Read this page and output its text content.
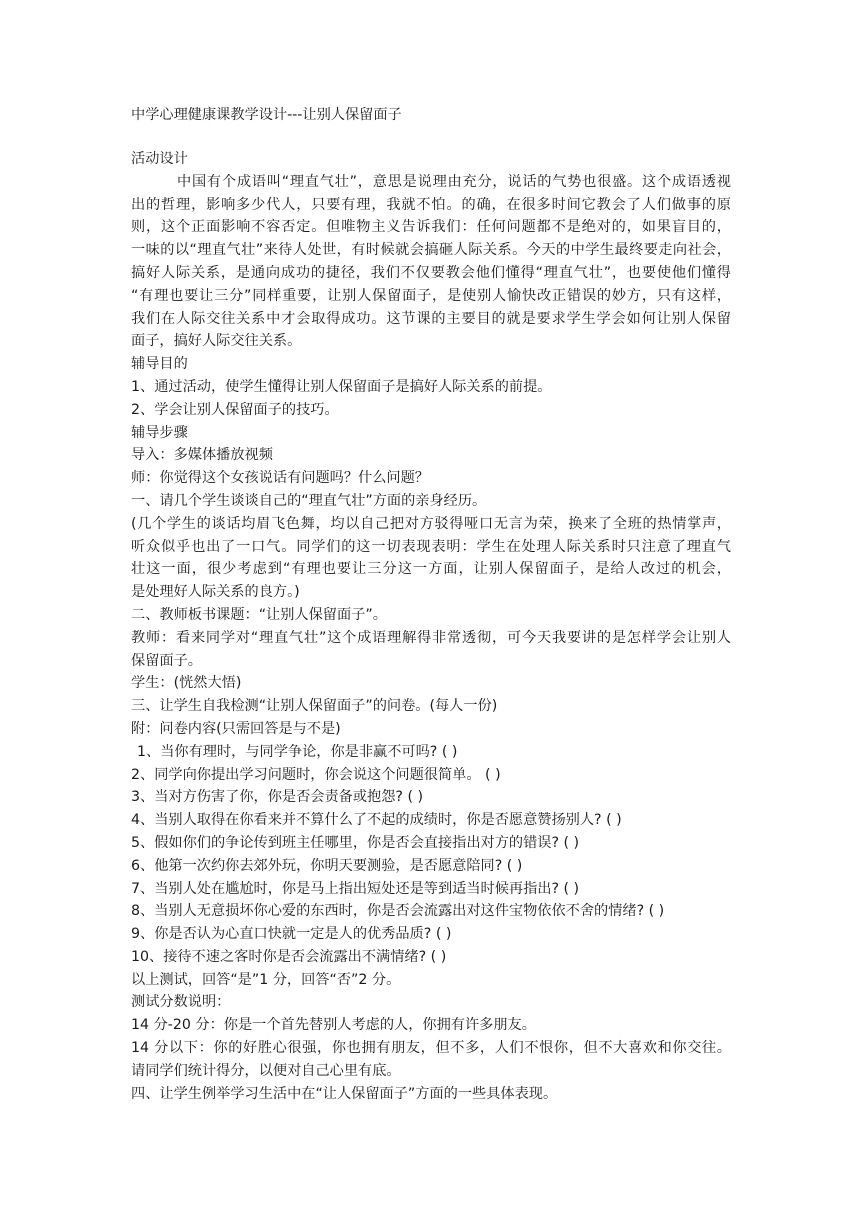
中学心理健康课教学设计---让别人保留面子
活动设计
中国有个成语叫“理直气壮”，意思是说理由充分，说话的气势也很盛。这个成语透视
出的哲理，影响多少代人，只要有理，我就不怕。的确，在很多时间它教会了人们做事的原
则，这个正面影响不容否定。但唯物主义告诉我们：任何问题都不是绝对的，如果盲目的，
一味的以“理直气壮”来待人处世，有时候就会搞砸人际关系。今天的中学生最终要走向社会，
搞好人际关系，是通向成功的捷径，我们不仅要教会他们懂得“理直气壮”，也要使他们懂得
“有理也要让三分”同样重要，让别人保留面子，是使别人愉快改正错误的妙方，只有这样，
我们在人际交往关系中才会取得成功。这节课的主要目的就是要求学生学会如何让别人保留
面子，搞好人际交往关系。
辅导目的
1、通过活动，使学生懂得让别人保留面子是搞好人际关系的前提。
2、学会让别人保留面子的技巧。
辅导步骤
导入：多媒体播放视频
师：你觉得这个女孩说话有问题吗？什么问题？
一、请几个学生谈谈自己的“理直气壮”方面的亲身经历。
(几个学生的谈话均眉飞色舞，均以自己把对方驳得哑口无言为荣，换来了全班的热情掌声，
听众似乎也出了一口气。同学们的这一切表现表明：学生在处理人际关系时只注意了理直气
壮这一面，很少考虑到“有理也要让三分这一方面，让别人保留面子，是给人改过的机会，
是处理好人际关系的良方。)
二、教师板书课题：“让别人保留面子”。
教师：看来同学对“理直气壮”这个成语理解得非常透彻，可今天我要讲的是怎样学会让别人
保留面子。
学生：(恍然大悟)
三、让学生自我检测“让别人保留面子”的问卷。(每人一份)
附：问卷内容(只需回答是与不是)
1、当你有理时，与同学争论，你是非赢不可吗? ( )
2、同学向你提出学习问题时，你会说这个问题很简单。 ( )
3、当对方伤害了你，你是否会责备或抱怨? ( )
4、当别人取得在你看来并不算什么了不起的成绩时，你是否愿意赞扬别人? ( )
5、假如你们的争论传到班主任哪里，你是否会直接指出对方的错误? ( )
6、他第一次约你去郊外玩，你明天要测验，是否愿意陪同? ( )
7、当别人处在尴尬时，你是马上指出短处还是等到适当时候再指出? ( )
8、当别人无意损坏你心爱的东西时，你是否会流露出对这件宝物依依不舍的情绪? ( )
9、你是否认为心直口快就一定是人的优秀品质? ( )
10、接待不速之客时你是否会流露出不满情绪? ( )
以上测试，回答“是”1 分，回答“否”2 分。
测试分数说明：
14 分-20 分：你是一个首先替别人考虑的人，你拥有许多朋友。
14 分以下：你的好胜心很强，你也拥有朋友，但不多，人们不恨你，但不大喜欢和你交往。
请同学们统计得分，以便对自己心里有底。
四、让学生例举学习生活中在“让人保留面子”方面的一些具体表现。
